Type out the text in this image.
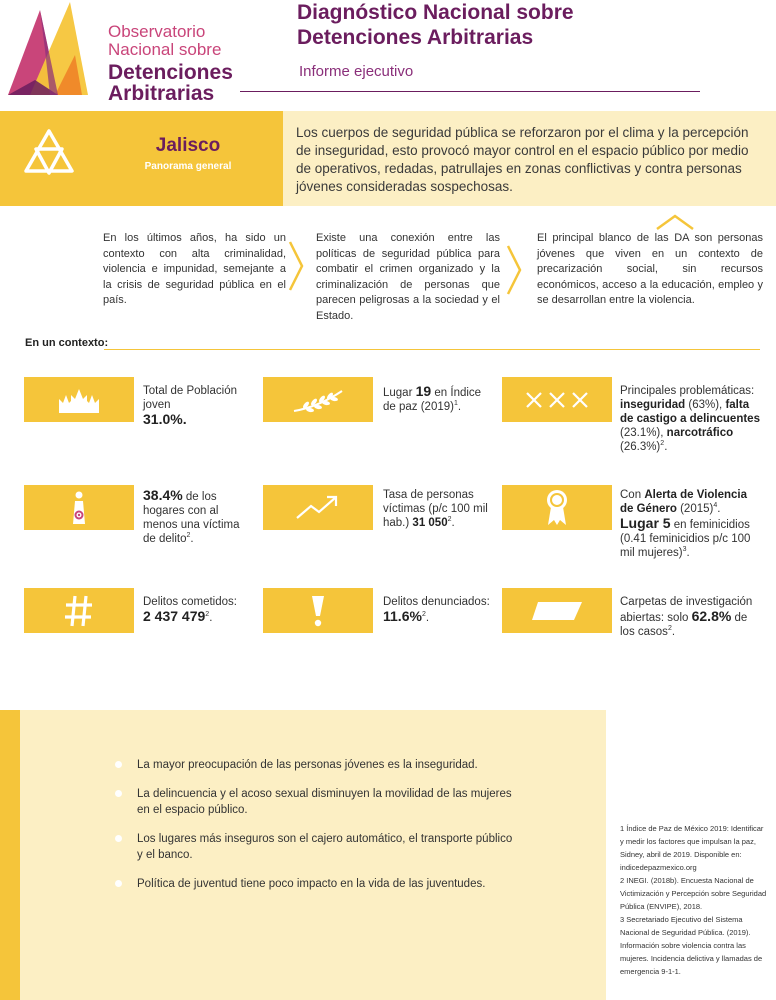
Observatorio
Nacional sobre
Detenciones
Arbitrarias
Diagnóstico Nacional sobre
Detenciones Arbitrarias
Informe ejecutivo
Jalisco
Panorama general
Los cuerpos de seguridad pública se reforzaron por el clima y la percepción de inseguridad, esto provocó mayor control en el espacio público por medio de operativos, redadas, patrullajes en zonas conflictivas y contra personas jóvenes consideradas sospechosas.
En los últimos años, ha sido un contexto con alta criminalidad, violencia e impunidad, semejante a la crisis de seguridad pública en el país.
Existe una conexión entre las políticas de seguridad pública para combatir el crimen organizado y la criminalización de personas que parecen peligrosas a la sociedad y el Estado.
El principal blanco de las DA son personas jóvenes que viven en un contexto de precarización social, sin recursos económicos, acceso a la educación, empleo y se desarrollan entre la violencia.
En un contexto:
Total de Población joven
31.0%.
Lugar 19 en Índice de paz $(2019)^1$.
Principales problemáticas: inseguridad (63%), falta de castigo a delincuentes (23.1%), narcotráfico $(26.3\%)^2$.
38.4% de los hogares con al menos una víctima de delito$^2$.
Tasa de personas víctimas (p/c 100 mil hab.) 31 $050^2$.
Con Alerta de Violencia de Género $(2015)^4$. Lugar 5 en feminicidios (0.41 feminicidios p/c 100 mil mujeres)$^3$.
Delitos cometidos:
2 437 $479^2$.
Delitos denunciados:
11.6%$^2$.
Carpetas de investigación abiertas: solo 62.8% de los casos$^2$.
La mayor preocupación de las personas jóvenes es la inseguridad.
La delincuencia y el acoso sexual disminuyen la movilidad de las mujeres en el espacio público.
Los lugares más inseguros son el cajero automático, el transporte público y el banco.
Política de juventud tiene poco impacto en la vida de las juventudes.

1 Índice de Paz de México 2019: Identificar y medir los factores que impulsan la paz, Sidney, abril de 2019. Disponible en: indicedepazmexico.org

2 INEGI. (2018b). Encuesta Nacional de Victimización y Percepción sobre Seguridad Pública (ENVIPE), 2018.

3 Secretariado Ejecutivo del Sistema Nacional de Seguridad Pública. (2019). Información sobre violencia contra las mujeres. Incidencia delictiva y llamadas de emergencia 9-1-1.
